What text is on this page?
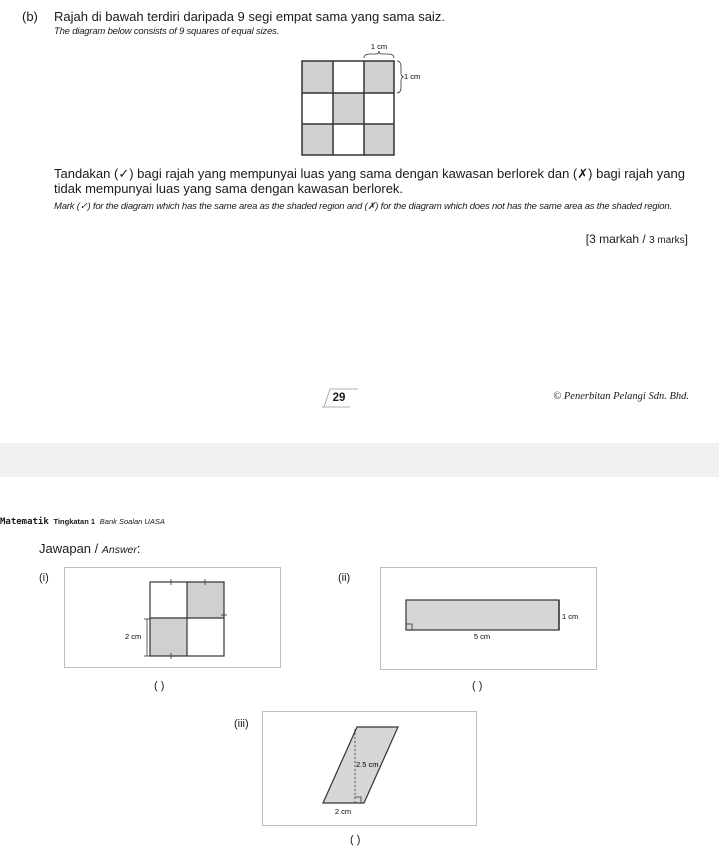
(b) Rajah di bawah terdiri daripada 9 segi empat sama yang sama saiz.
The diagram below consists of 9 squares of equal sizes.
1 cm
1 cm
Tandakan (✓) bagi rajah yang mempunyai luas yang sama dengan kawasan berlorek dan (✗) bagi rajah yang tidak mempunyai luas yang sama dengan kawasan berlorek.
Mark (✓) for the diagram which has the same area as the shaded region and (✗) for the diagram which does not has the same area as the shaded region.
[3 markah / 3 marks]
29	© Penerbitan Pelangi Sdn. Bhd.
Matematik Tingkatan 1 Bank Soalan UASA
Jawapan / Answer:
(i)
2 cm
( )
(ii)
1 cm
5 cm
( )
(iii)
2.5 cm
2 cm
( )
